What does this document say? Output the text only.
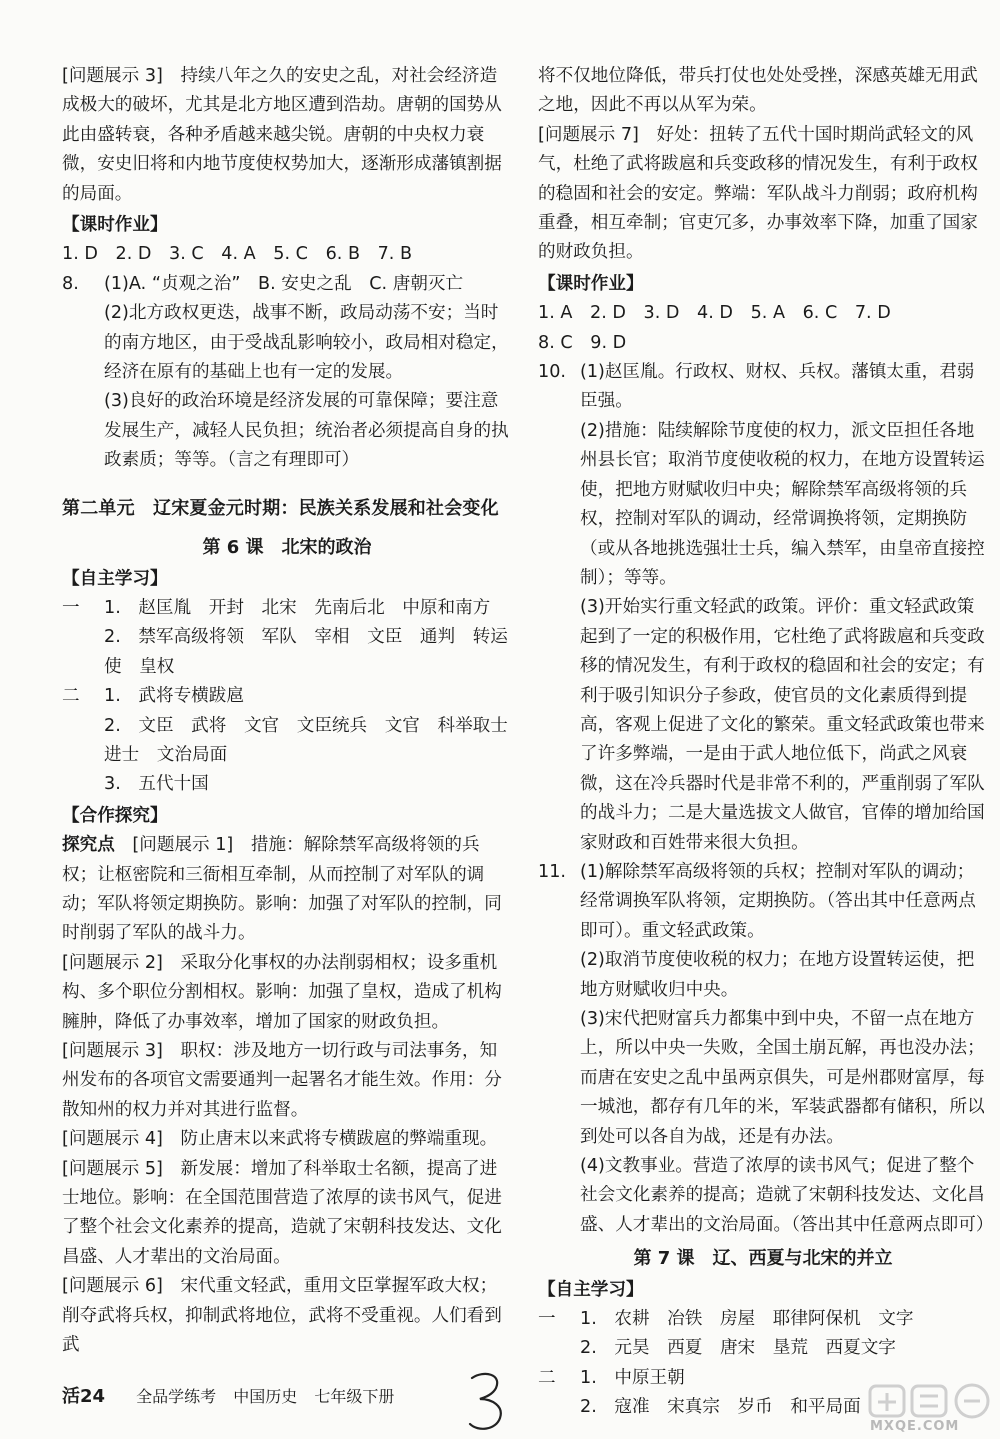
[问题展示 3]　持续八年之久的安史之乱，对社会经济造成极大的破坏，尤其是北方地区遭到浩劫。唐朝的国势从此由盛转衰，各种矛盾越来越尖锐。唐朝的中央权力衰微，安史旧将和内地节度使权势加大，逐渐形成藩镇割据的局面。

【课时作业】

1. D　2. D　3. C　4. A　5. C　6. B　7. B

8.	(1)A. “贞观之治”　B. 安史之乱　C. 唐朝灭亡

(2)北方政权更迭，战事不断，政局动荡不安；当时的南方地区，由于受战乱影响较小，政局相对稳定，经济在原有的基础上也有一定的发展。

(3)良好的政治环境是经济发展的可靠保障；要注意发展生产，减轻人民负担；统治者必须提高自身的执政素质；等等。（言之有理即可）

第二单元　辽宋夏金元时期：民族关系发展和社会变化

第 6 课　北宋的政治

【自主学习】

一	1.　赵匡胤　开封　北宋　先南后北　中原和南方

2.　禁军高级将领　军队　宰相　文臣　通判　转运使　皇权

二	1.　武将专横跋扈

2.　文臣　武将　文官　文臣统兵　文官　科举取士　进士　文治局面

3.　五代十国

【合作探究】

探究点　 [问题展示 1]　措施：解除禁军高级将领的兵权；让枢密院和三衙相互牵制，从而控制了对军队的调动；军队将领定期换防。影响：加强了对军队的控制，同时削弱了军队的战斗力。

[问题展示 2]　采取分化事权的办法削弱相权；设多重机构、多个职位分割相权。影响：加强了皇权，造成了机构臃肿，降低了办事效率，增加了国家的财政负担。

[问题展示 3]　职权：涉及地方一切行政与司法事务，知州发布的各项官文需要通判一起署名才能生效。作用：分散知州的权力并对其进行监督。

[问题展示 4]　防止唐末以来武将专横跋扈的弊端重现。

[问题展示 5]　新发展：增加了科举取士名额，提高了进士地位。影响：在全国范围营造了浓厚的读书风气，促进了整个社会文化素养的提高，造就了宋朝科技发达、文化昌盛、人才辈出的文治局面。

[问题展示 6]　宋代重文轻武，重用文臣掌握军政大权；削夺武将兵权，抑制武将地位，武将不受重视。人们看到武

将不仅地位降低，带兵打仗也处处受挫，深感英雄无用武之地，因此不再以从军为荣。

[问题展示 7]　好处：扭转了五代十国时期尚武轻文的风气，杜绝了武将跋扈和兵变政移的情况发生，有利于政权的稳固和社会的安定。弊端：军队战斗力削弱；政府机构重叠，相互牵制；官吏冗多，办事效率下降，加重了国家的财政负担。

【课时作业】

1. A　2. D　3. D　4. D　5. A　6. C　7. D

8. C　9. D

10. (1)赵匡胤。行政权、财权、兵权。藩镇太重，君弱臣强。

(2)措施：陆续解除节度使的权力，派文臣担任各地州县长官；取消节度使收税的权力，在地方设置转运使，把地方财赋收归中央；解除禁军高级将领的兵权，控制对军队的调动，经常调换将领，定期换防（或从各地挑选强壮士兵，编入禁军，由皇帝直接控制）；等等。

(3)开始实行重文轻武的政策。评价：重文轻武政策起到了一定的积极作用，它杜绝了武将跋扈和兵变政移的情况发生，有利于政权的稳固和社会的安定；有利于吸引知识分子参政，使官员的文化素质得到提高，客观上促进了文化的繁荣。重文轻武政策也带来了许多弊端，一是由于武人地位低下，尚武之风衰微，这在冷兵器时代是非常不利的，严重削弱了军队的战斗力；二是大量选拔文人做官，官俸的增加给国家财政和百姓带来很大负担。

11. (1)解除禁军高级将领的兵权；控制对军队的调动；经常调换军队将领，定期换防。（答出其中任意两点即可）。重文轻武政策。

(2)取消节度使收税的权力；在地方设置转运使，把地方财赋收归中央。

(3)宋代把财富兵力都集中到中央，不留一点在地方上，所以中央一失败，全国土崩瓦解，再也没办法；而唐在安史之乱中虽两京俱失，可是州郡财富厚，每一城池，都存有几年的米，军装武器都有储积，所以到处可以各自为战，还是有办法。

(4)文教事业。营造了浓厚的读书风气；促进了整个社会文化素养的提高；造就了宋朝科技发达、文化昌盛、人才辈出的文治局面。（答出其中任意两点即可）

第 7 课　辽、西夏与北宋的并立

【自主学习】

一	1.　农耕　冶铁　房屋　耶律阿保机　文字

2.　元昊　西夏　唐宋　垦荒　西夏文字

二	1.　中原王朝

2.　寇准　宋真宗　岁币　和平局面

活24 全品学练考 中国历史 七年级下册
MXQE.COM
